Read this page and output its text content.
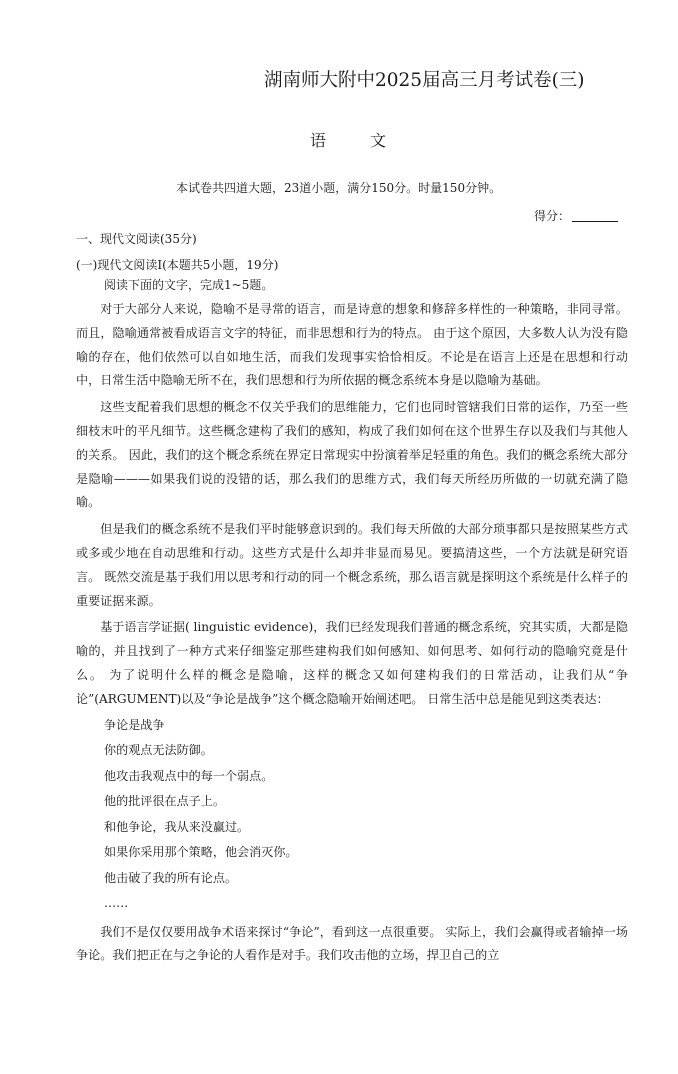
湖南师大附中2025届高三月考试卷(三)
语	文
本试卷共四道大题，23道小题，满分150分。时量150分钟。
得分：
一、现代文阅读(35分)
(一)现代文阅读Ⅰ(本题共5小题，19分)
阅读下面的文字，完成1~5题。

对于大部分人来说，隐喻不是寻常的语言，而是诗意的想象和修辞多样性的一种策略，非同寻常。 而且，隐喻通常被看成语言文字的特征，而非思想和行为的特点。 由于这个原因，大多数人认为没有隐喻的存在，他们依然可以自如地生活，而我们发现事实恰恰相反。不论是在语言上还是在思想和行动中，日常生活中隐喻无所不在，我们思想和行为所依据的概念系统本身是以隐喻为基础。

这些支配着我们思想的概念不仅关乎我们的思维能力，它们也同时管辖我们日常的运作，乃至一些细枝末叶的平凡细节。这些概念建构了我们的感知，构成了我们如何在这个世界生存以及我们与其他人的关系。 因此，我们的这个概念系统在界定日常现实中扮演着举足轻重的角色。我们的概念系统大部分是隐喻———如果我们说的没错的话，那么我们的思维方式，我们每天所经历所做的一切就充满了隐喻。

但是我们的概念系统不是我们平时能够意识到的。我们每天所做的大部分琐事都只是按照某些方式或多或少地在自动思维和行动。这些方式是什么却并非显而易见。要搞清这些，一个方法就是研究语言。 既然交流是基于我们用以思考和行动的同一个概念系统，那么语言就是探明这个系统是什么样子的重要证据来源。

基于语言学证据( linguistic evidence)，我们已经发现我们普通的概念系统，究其实质，大都是隐喻的，并且找到了一种方式来仔细鉴定那些建构我们如何感知、如何思考、如何行动的隐喻究竟是什么。 为了说明什么样的概念是隐喻，这样的概念又如何建构我们的日常活动，让我们从“争论”(ARGUMENT)以及“争论是战争”这个概念隐喻开始阐述吧。 日常生活中总是能见到这类表达：

争论是战争

你的观点无法防御。

他攻击我观点中的每一个弱点。

他的批评很在点子上。

和他争论，我从来没赢过。

如果你采用那个策略，他会消灭你。

他击破了我的所有论点。

……

我们不是仅仅要用战争术语来探讨“争论”，看到这一点很重要。 实际上，我们会赢得或者输掉一场争论。我们把正在与之争论的人看作是对手。我们攻击他的立场，捍卫自己的立
